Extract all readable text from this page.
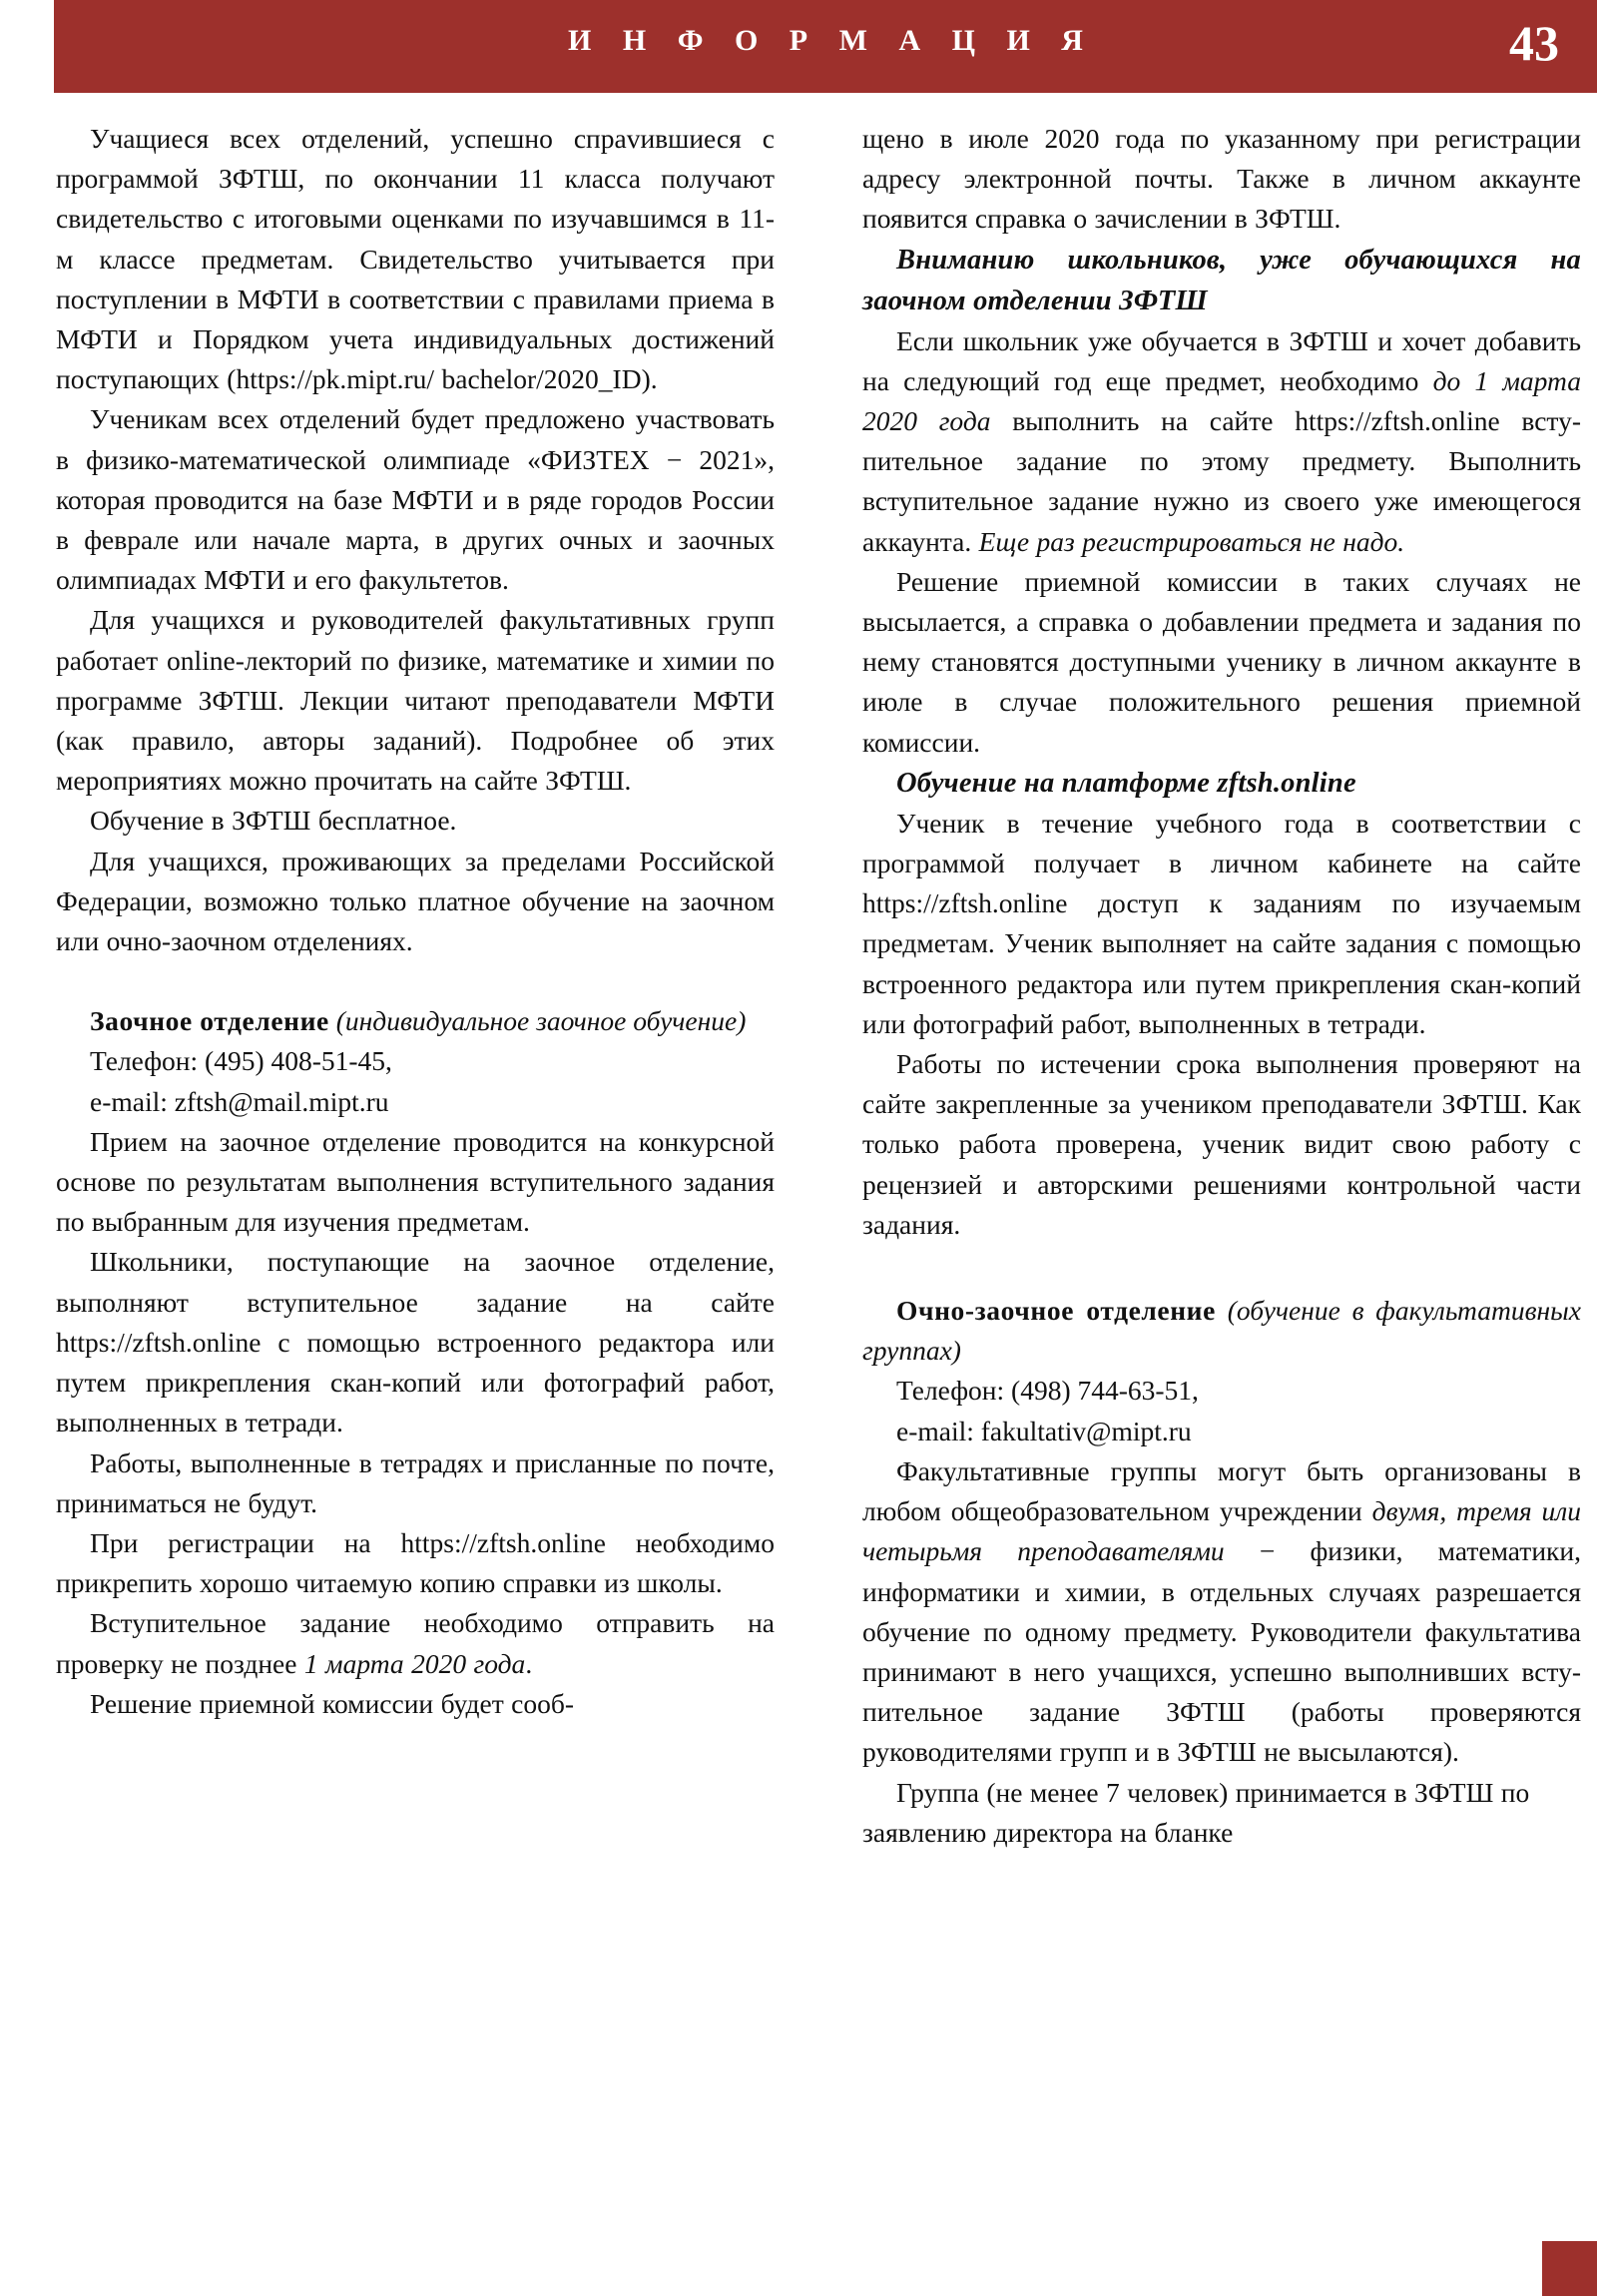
И Н Ф О Р М А Ц И Я	43

Учащиеся всех отделений, успешно спраvившиеся с программой ЗФТШ, по окончании 11 класса получают свидетельство с итоговыми оценками по изучавшимся в 11-м классе предметам. Свидетельство учитывается при поступлении в МФТИ в соответствии с правилами приема в МФТИ и Порядком учета индивидуальных достижений поступающих (https://pk.mipt.ru/ bachelor/2020_ID).

Ученикам всех отделений будет предложено участвовать в физико-математической олимпиаде «ФИЗТЕХ − 2021», которая проводится на базе МФТИ и в ряде городов России в феврале или начале марта, в других очных и заочных олимпиадах МФТИ и его факультетов.

Для учащихся и руководителей факультативных групп работает online-лекторий по физике, математике и химии по программе ЗФТШ. Лекции читают преподаватели МФТИ (как правило, авторы заданий). Подробнее об этих мероприятиях можно прочитать на сайте ЗФТШ.

Обучение в ЗФТШ бесплатное.

Для учащихся, проживающих за пределами Российской Федерации, возможно только платное обучение на заочном или очно-заочном отделениях.

Заочное отделение (индивидуальное заочное обучение)

Телефон: (495) 408-51-45,

e-mail: zftsh@mail.mipt.ru

Прием на заочное отделение проводится на конкурсной основе по результатам выполнения вступительного задания по выбранным для изучения предметам.

Школьники, поступающие на заочное отделение, выполняют вступительное задание на сайте https://zftsh.online с помощью встроенного редактора или путем прикрепления скан-копий или фотографий работ, выполненных в тетради.

Работы, выполненные в тетрадях и присланные по почте, приниматься не будут.

При регистрации на https://zftsh.online необходимо прикрепить хорошо читаемую копию справки из школы.

Вступительное задание необходимо отправить на проверку не позднее 1 марта 2020 года.

Решение приемной комиссии будет сооб-

щено в июле 2020 года по указанному при регистрации адресу электронной почты. Также в личном аккаунте появится справка о зачислении в ЗФТШ.

Вниманию школьников, уже обучающихся на заочном отделении ЗФТШ

Если школьник уже обучается в ЗФТШ и хочет добавить на следующий год еще предмет, необходимо до 1 марта 2020 года выполнить на сайте https://zftsh.online вступительное задание по этому предмету. Выполнить вступительное задание нужно из своего уже имеющегося аккаунта. Еще раз регистрироваться не надо.

Решение приемной комиссии в таких случаях не высылается, а справка о добавлении предмета и задания по нему становятся доступными ученику в личном аккаунте в июле в случае положительного решения приемной комиссии.

Обучение на платформе zftsh.online

Ученик в течение учебного года в соответствии с программой получает в личном кабинете на сайте https://zftsh.online доступ к заданиям по изучаемым предметам. Ученик выполняет на сайте задания с помощью встроенного редактора или путем прикрепления скан-копий или фотографий работ, выполненных в тетради.

Работы по истечении срока выполнения проверяют на сайте закрепленные за учеником преподаватели ЗФТШ. Как только работа проверена, ученик видит свою работу с рецензией и авторскими решениями контрольной части задания.

Очно-заочное отделение (обучение в факультативных группах)

Телефон: (498) 744-63-51,

e-mail: fakultativ@mipt.ru

Факультативные группы могут быть организованы в любом общеобразовательном учреждении двумя, тремя или четырьмя преподавателями − физики, математики, информатики и химии, в отдельных случаях разрешается обучение по одному предмету. Руководители факультатива принимают в него учащихся, успешно выполнивших вступительное задание ЗФТШ (работы проверяются руководителями групп и в ЗФТШ не высылаются).

Группа (не менее 7 человек) принимается в ЗФТШ по заявлению директора на бланке
